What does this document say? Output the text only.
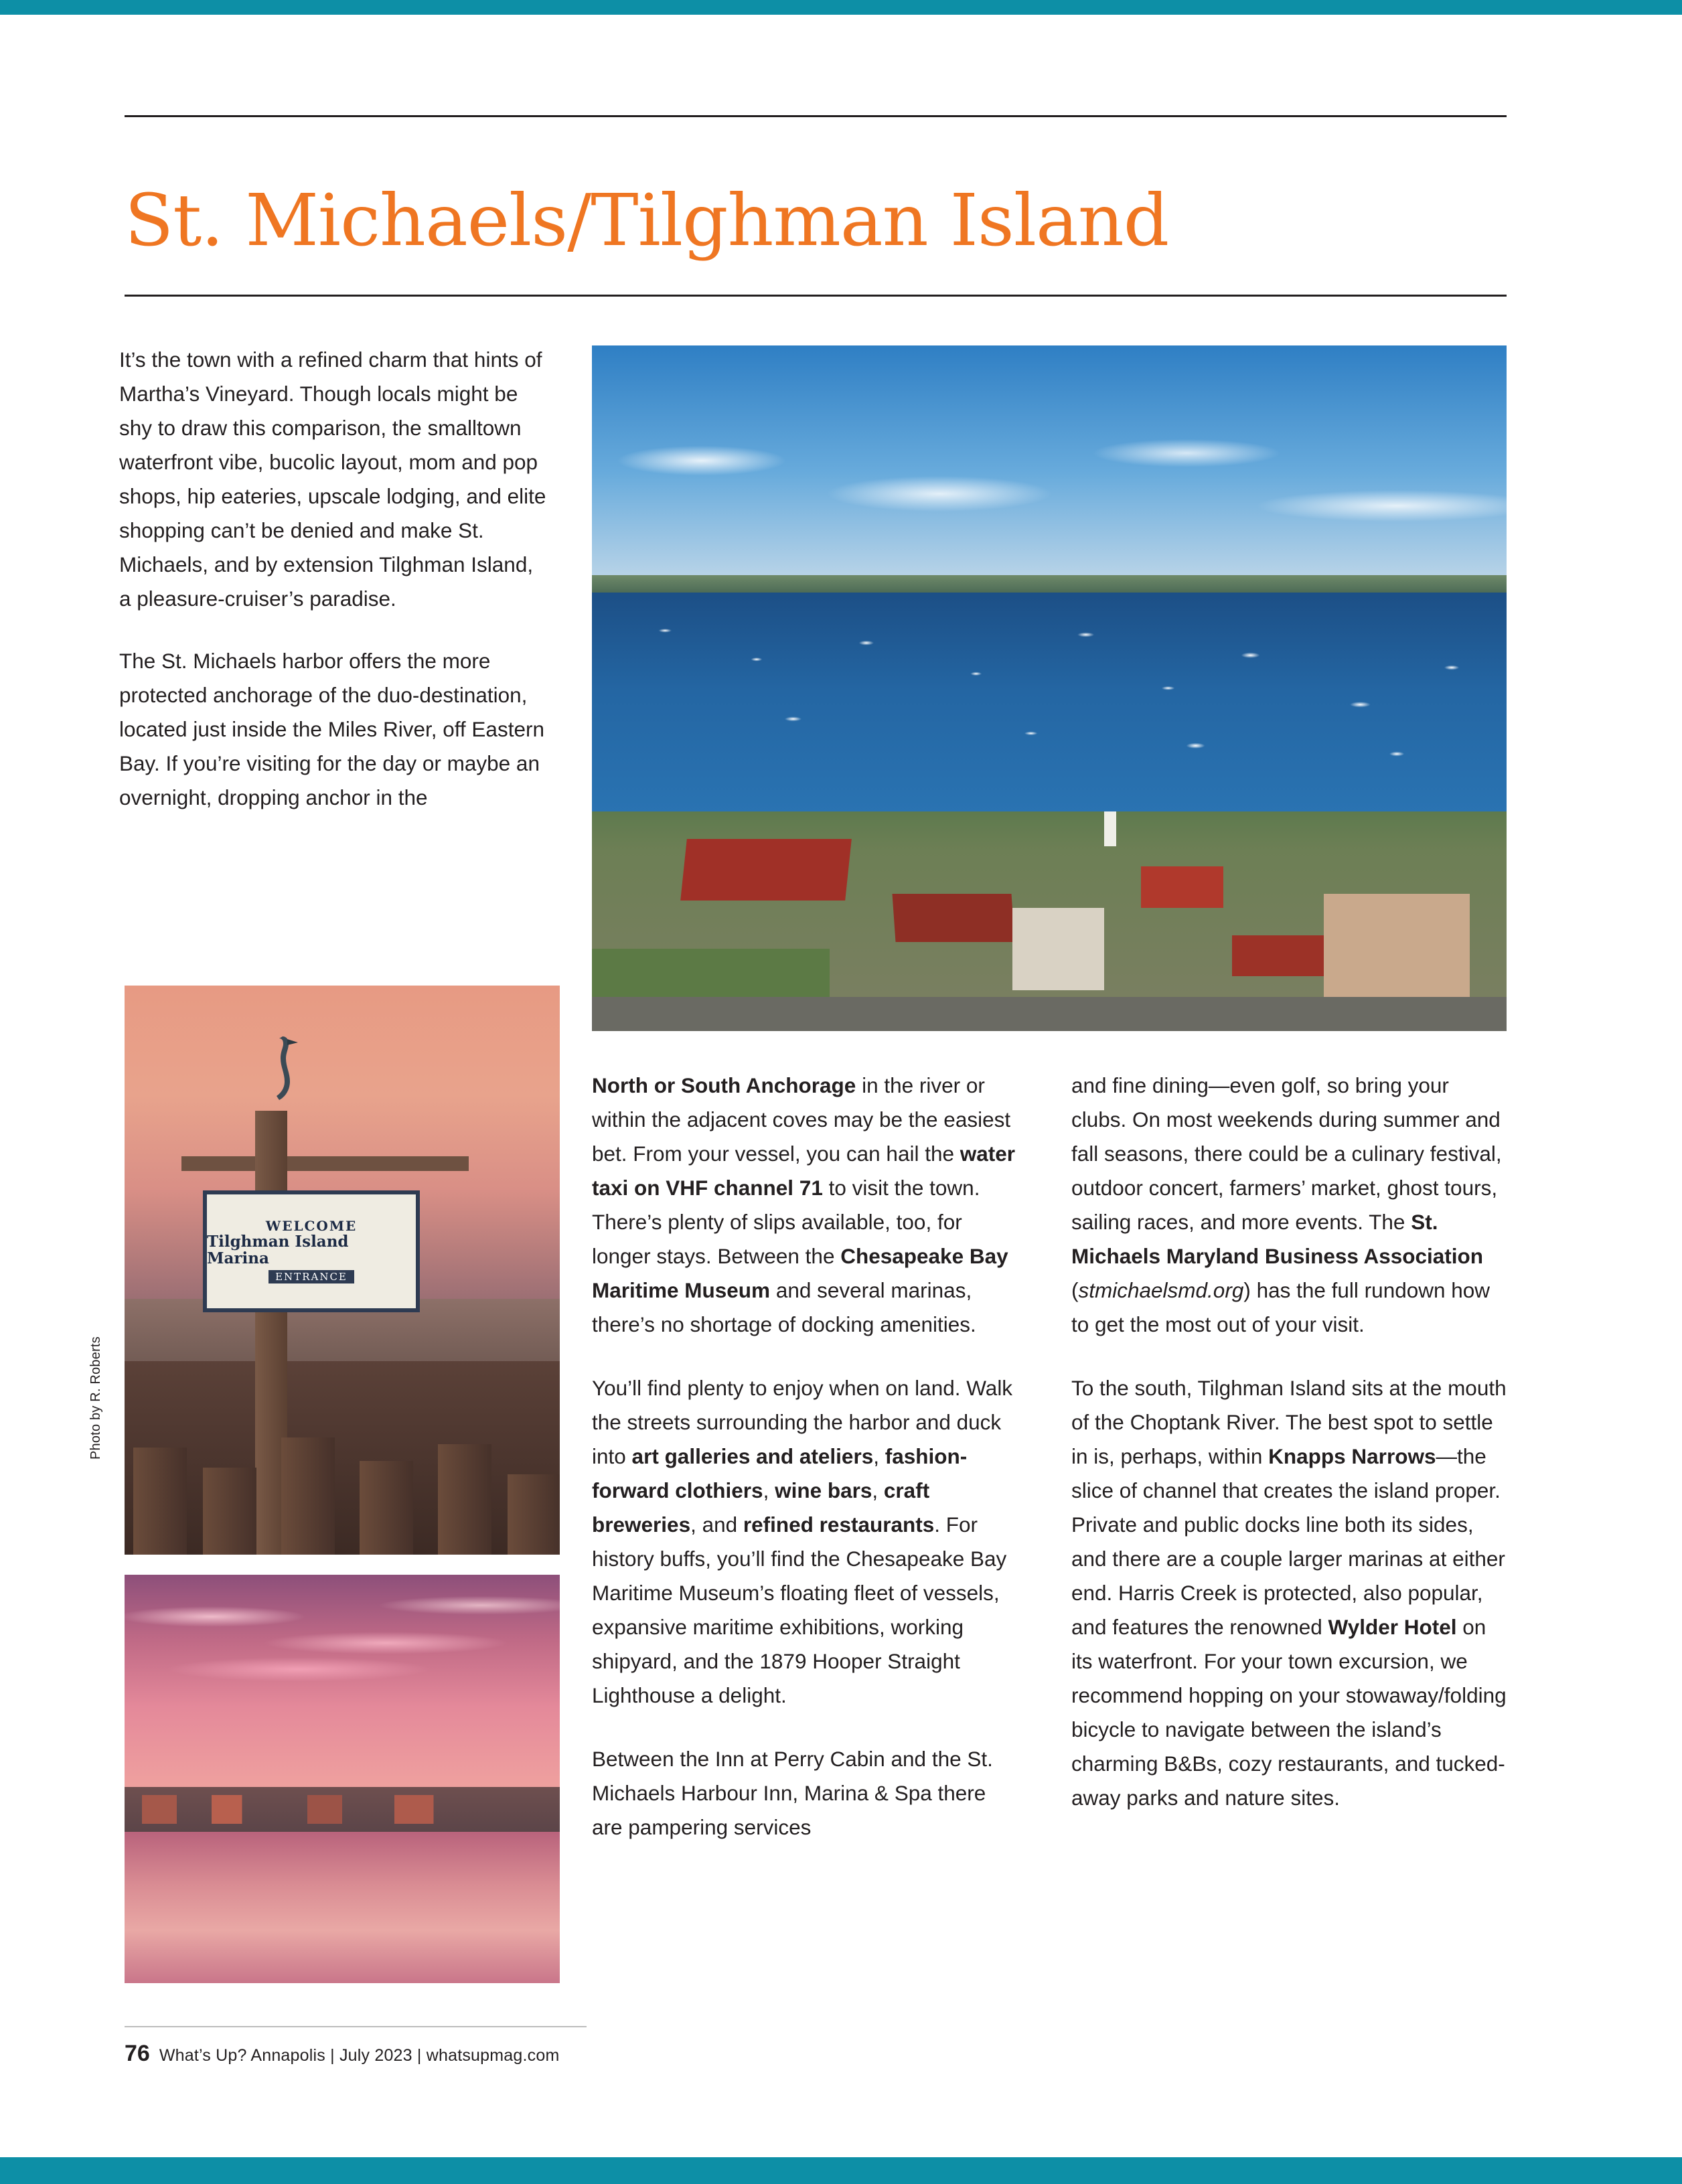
St. Michaels/Tilghman Island

It’s the town with a refined charm that hints of Martha’s Vineyard. Though locals might be shy to draw this comparison, the smalltown waterfront vibe, bucolic layout, mom and pop shops, hip eateries, upscale lodging, and elite shopping can’t be denied and make St. Michaels, and by extension Tilghman Island, a pleasure-cruiser’s paradise.

The St. Michaels harbor offers the more protected anchorage of the duo-destination, located just inside the Miles River, off Eastern Bay. If you’re visiting for the day or maybe an overnight, dropping anchor in the

WELCOME
Tilghman Island Marina
ENTRANCE
Photo by R. Roberts

North or South Anchorage in the river or within the adjacent coves may be the easiest bet. From your vessel, you can hail the water taxi on VHF channel 71 to visit the town. There’s plenty of slips available, too, for longer stays. Between the Chesapeake Bay Maritime Museum and several marinas, there’s no shortage of docking amenities.

You’ll find plenty to enjoy when on land. Walk the streets surrounding the harbor and duck into art galleries and ateliers, fashion-forward clothiers, wine bars, craft breweries, and refined restaurants. For history buffs, you’ll find the Chesapeake Bay Maritime Museum’s floating fleet of vessels, expansive maritime exhibitions, working shipyard, and the 1879 Hooper Straight Lighthouse a delight.

Between the Inn at Perry Cabin and the St. Michaels Harbour Inn, Marina & Spa there are pampering services

and fine dining—even golf, so bring your clubs. On most weekends during summer and fall seasons, there could be a culinary festival, outdoor concert, farmers’ market, ghost tours, sailing races, and more events. The St. Michaels Maryland Business Association (stmichaelsmd.org) has the full rundown how to get the most out of your visit.

To the south, Tilghman Island sits at the mouth of the Choptank River. The best spot to settle in is, perhaps, within Knapps Narrows—the slice of channel that creates the island proper. Private and public docks line both its sides, and there are a couple larger marinas at either end. Harris Creek is protected, also popular, and features the renowned Wylder Hotel on its waterfront. For your town excursion, we recommend hopping on your stowaway/folding bicycle to navigate between the island’s charming B&Bs, cozy restaurants, and tucked-away parks and nature sites.

76 What’s Up? Annapolis | July 2023 | whatsupmag.com
